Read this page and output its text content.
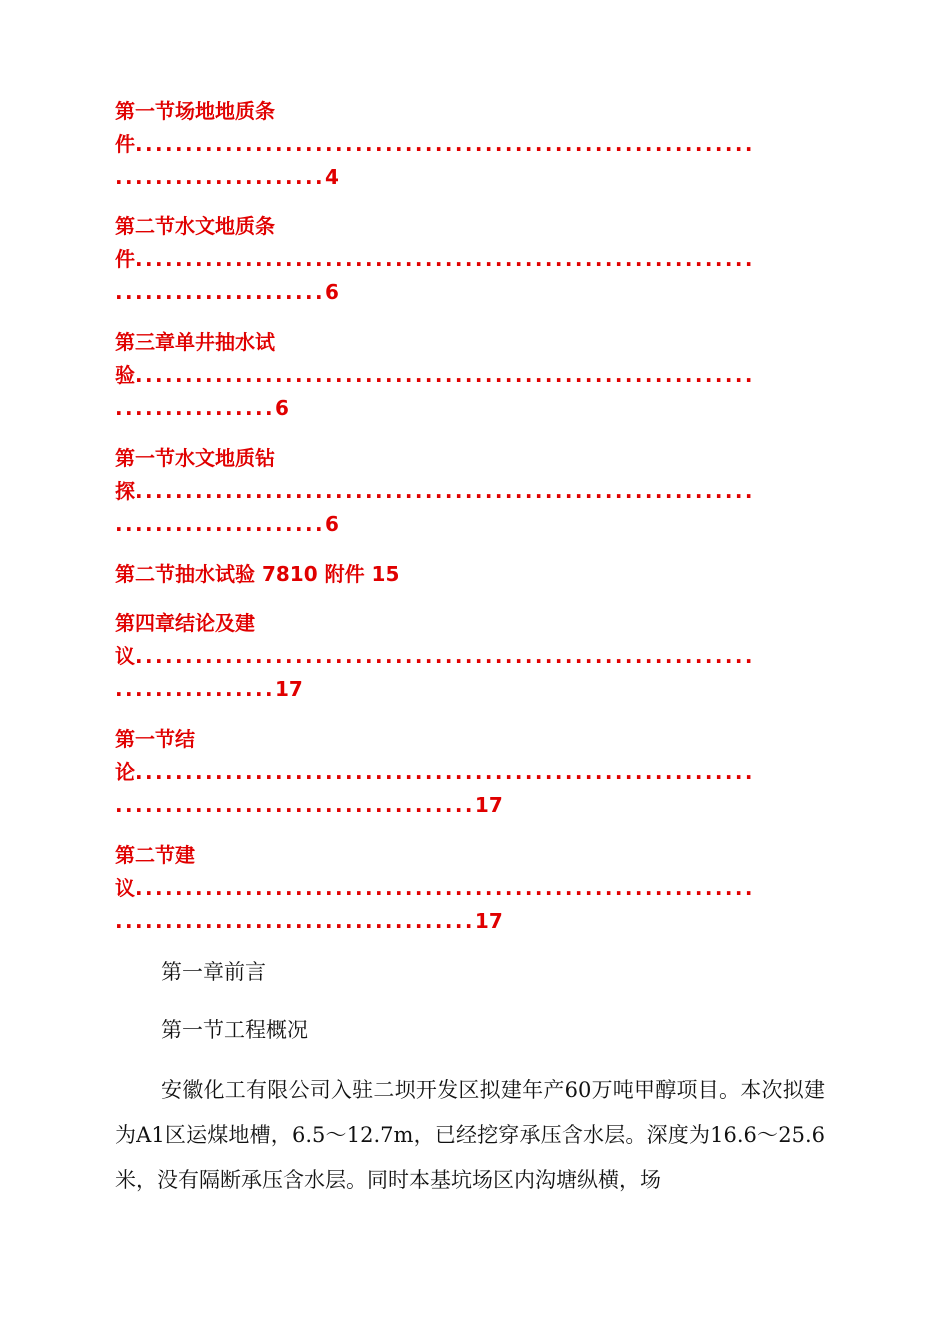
第一节场地地质条
件..............................................................
.....................4
第二节水文地质条
件..............................................................
.....................6
第三章单井抽水试
验..............................................................
................6
第一节水文地质钻
探..............................................................
.....................6
第二节抽水试验 7810 附件 15
第四章结论及建
议..............................................................
................17
第一节结
论..............................................................
....................................17
第二节建
议..............................................................
....................................17
第一章前言
第一节工程概况
安徽化工有限公司入驻二坝开发区拟建年产60万吨甲醇项目。本次拟建为A1区运煤地槽，6.5～12.7m，已经挖穿承压含水层。深度为16.6～25.6米，没有隔断承压含水层。同时本基坑场区内沟塘纵横，场
